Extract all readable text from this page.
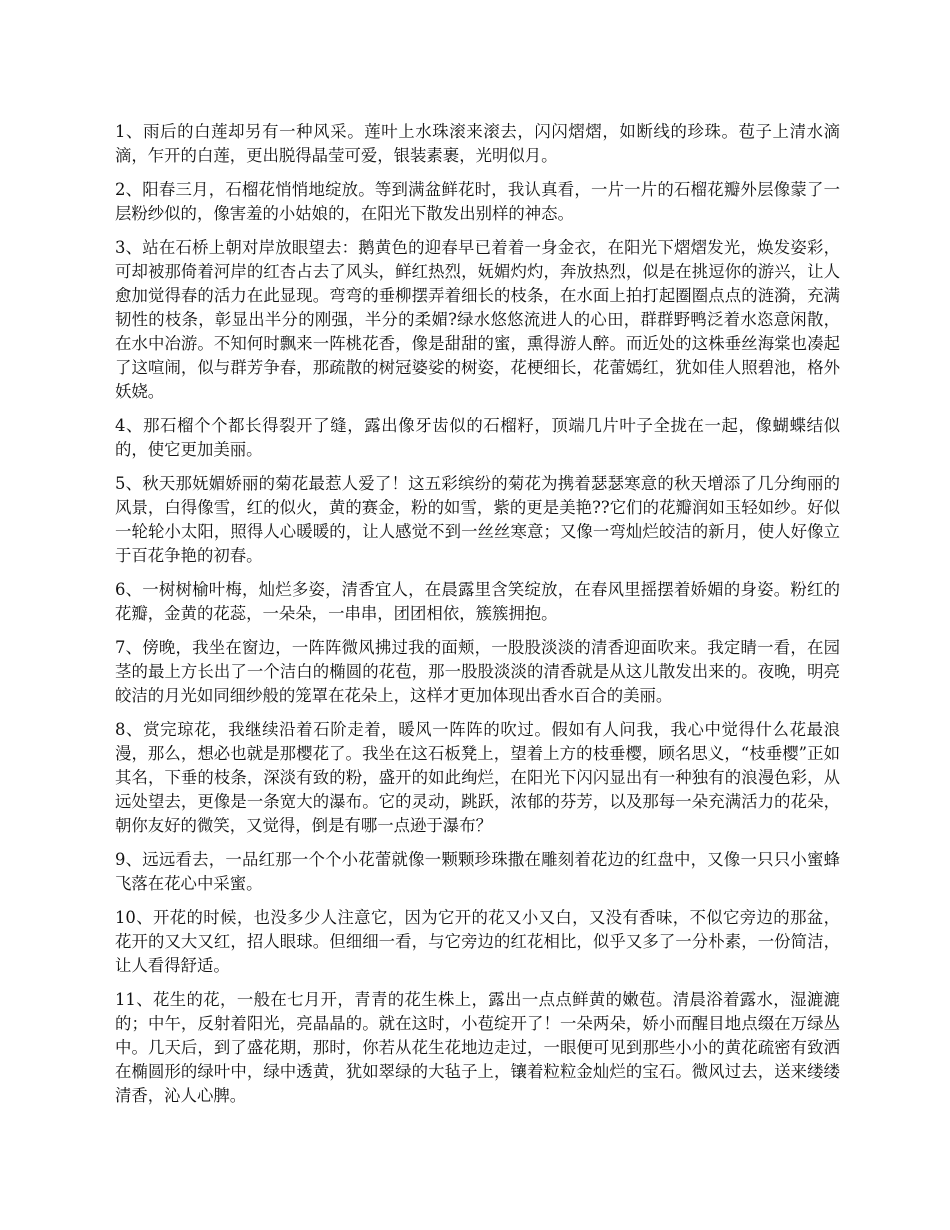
1、雨后的白莲却另有一种风采。莲叶上水珠滚来滚去，闪闪熠熠，如断线的珍珠。苞子上清水滴滴，乍开的白莲，更出脱得晶莹可爱，银装素裹，光明似月。

2、阳春三月，石榴花悄悄地绽放。等到满盆鲜花时，我认真看，一片一片的石榴花瓣外层像蒙了一层粉纱似的，像害羞的小姑娘的，在阳光下散发出别样的神态。

3、站在石桥上朝对岸放眼望去：鹅黄色的迎春早已着着一身金衣，在阳光下熠熠发光，焕发姿彩，可却被那倚着河岸的红杏占去了风头，鲜红热烈，妩媚灼灼，奔放热烈，似是在挑逗你的游兴，让人愈加觉得春的活力在此显现。弯弯的垂柳摆弄着细长的枝条，在水面上拍打起圈圈点点的涟漪，充满韧性的枝条，彰显出半分的刚强，半分的柔媚?绿水悠悠流进人的心田，群群野鸭泛着水恣意闲散，在水中冶游。不知何时飘来一阵桃花香，像是甜甜的蜜，熏得游人醉。而近处的这株垂丝海棠也凑起了这喧闹，似与群芳争春，那疏散的树冠婆娑的树姿，花梗细长，花蕾嫣红，犹如佳人照碧池，格外妖娆。

4、那石榴个个都长得裂开了缝，露出像牙齿似的石榴籽，顶端几片叶子全拢在一起，像蝴蝶结似的，使它更加美丽。

5、秋天那妩媚娇丽的菊花最惹人爱了！这五彩缤纷的菊花为携着瑟瑟寒意的秋天增添了几分绚丽的风景，白得像雪，红的似火，黄的赛金，粉的如雪，紫的更是美艳??它们的花瓣润如玉轻如纱。好似一轮轮小太阳，照得人心暖暖的，让人感觉不到一丝丝寒意；又像一弯灿烂皎洁的新月，使人好像立于百花争艳的初春。

6、一树树榆叶梅，灿烂多姿，清香宜人，在晨露里含笑绽放，在春风里摇摆着娇媚的身姿。粉红的花瓣，金黄的花蕊，一朵朵，一串串，团团相依，簇簇拥抱。

7、傍晚，我坐在窗边，一阵阵微风拂过我的面颊，一股股淡淡的清香迎面吹来。我定睛一看，在园茎的最上方长出了一个洁白的椭圆的花苞，那一股股淡淡的清香就是从这儿散发出来的。夜晚，明亮皎洁的月光如同细纱般的笼罩在花朵上，这样才更加体现出香水百合的美丽。

8、赏完琼花，我继续沿着石阶走着，暖风一阵阵的吹过。假如有人问我，我心中觉得什么花最浪漫，那么，想必也就是那樱花了。我坐在这石板凳上，望着上方的枝垂樱，顾名思义，“枝垂樱”正如其名，下垂的枝条，深淡有致的粉，盛开的如此绚烂，在阳光下闪闪显出有一种独有的浪漫色彩，从远处望去，更像是一条宽大的瀑布。它的灵动，跳跃，浓郁的芬芳，以及那每一朵充满活力的花朵，朝你友好的微笑，又觉得，倒是有哪一点逊于瀑布？

9、远远看去，一品红那一个个小花蕾就像一颗颗珍珠撒在雕刻着花边的红盘中，又像一只只小蜜蜂飞落在花心中采蜜。

10、开花的时候，也没多少人注意它，因为它开的花又小又白，又没有香味，不似它旁边的那盆，花开的又大又红，招人眼球。但细细一看，与它旁边的红花相比，似乎又多了一分朴素，一份简洁，让人看得舒适。

11、花生的花，一般在七月开，青青的花生株上，露出一点点鲜黄的嫩苞。清晨浴着露水，湿漉漉的；中午，反射着阳光，亮晶晶的。就在这时，小苞绽开了！一朵两朵，娇小而醒目地点缀在万绿丛中。几天后，到了盛花期，那时，你若从花生花地边走过，一眼便可见到那些小小的黄花疏密有致洒在椭圆形的绿叶中，绿中透黄，犹如翠绿的大毡子上，镶着粒粒金灿烂的宝石。微风过去，送来缕缕清香，沁人心脾。
